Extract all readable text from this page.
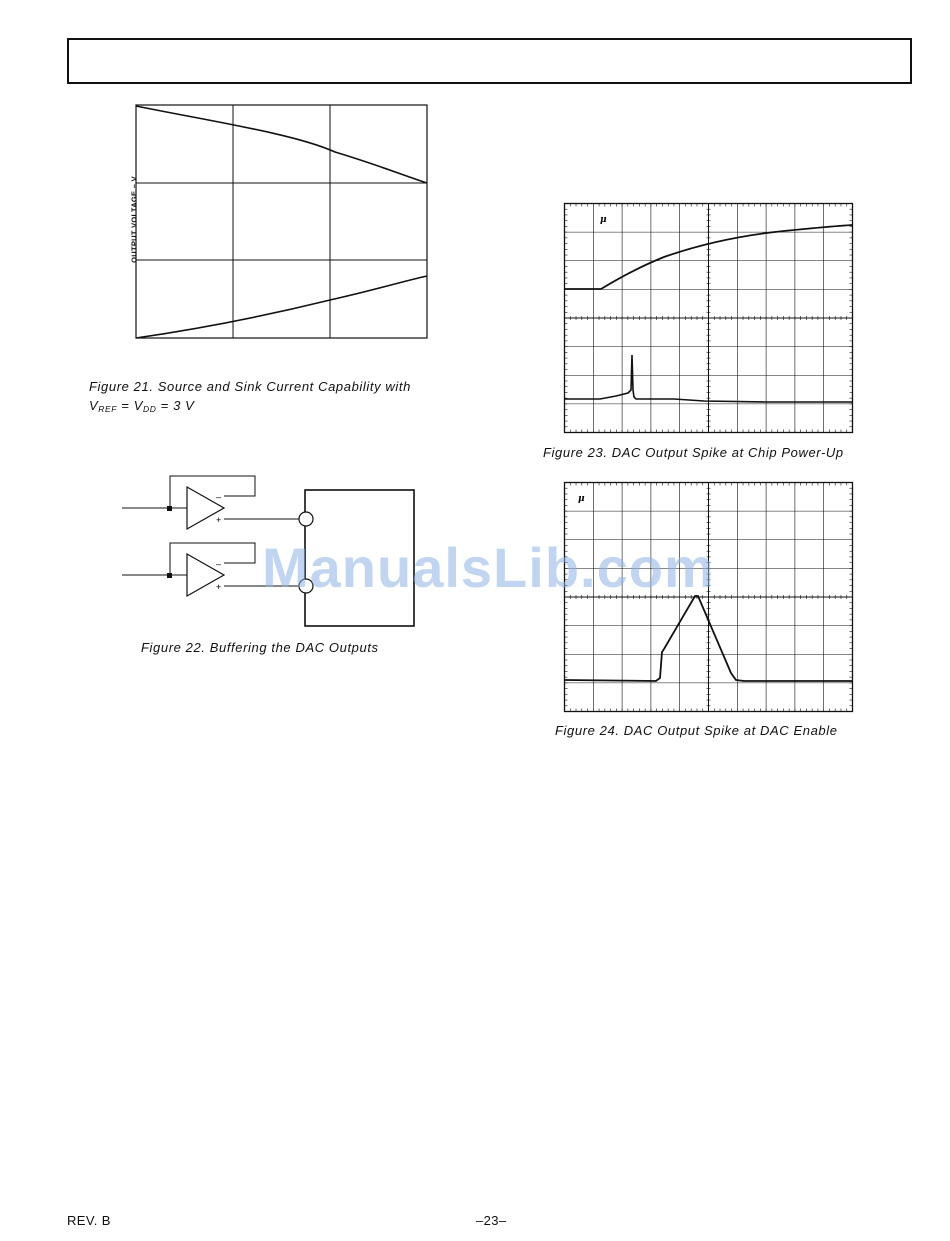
OUTPUT VOLTAGE – V
Figure 21. Source and Sink Current Capability with
$V_{REF} = V_{DD} = 3$ V
–
+
–
+
Figure 22. Buffering the DAC Outputs
μ
Figure 23. DAC Output Spike at Chip Power-Up
μ
Figure 24. DAC Output Spike at DAC Enable
ManualsLib.com
REV. B	–23–
